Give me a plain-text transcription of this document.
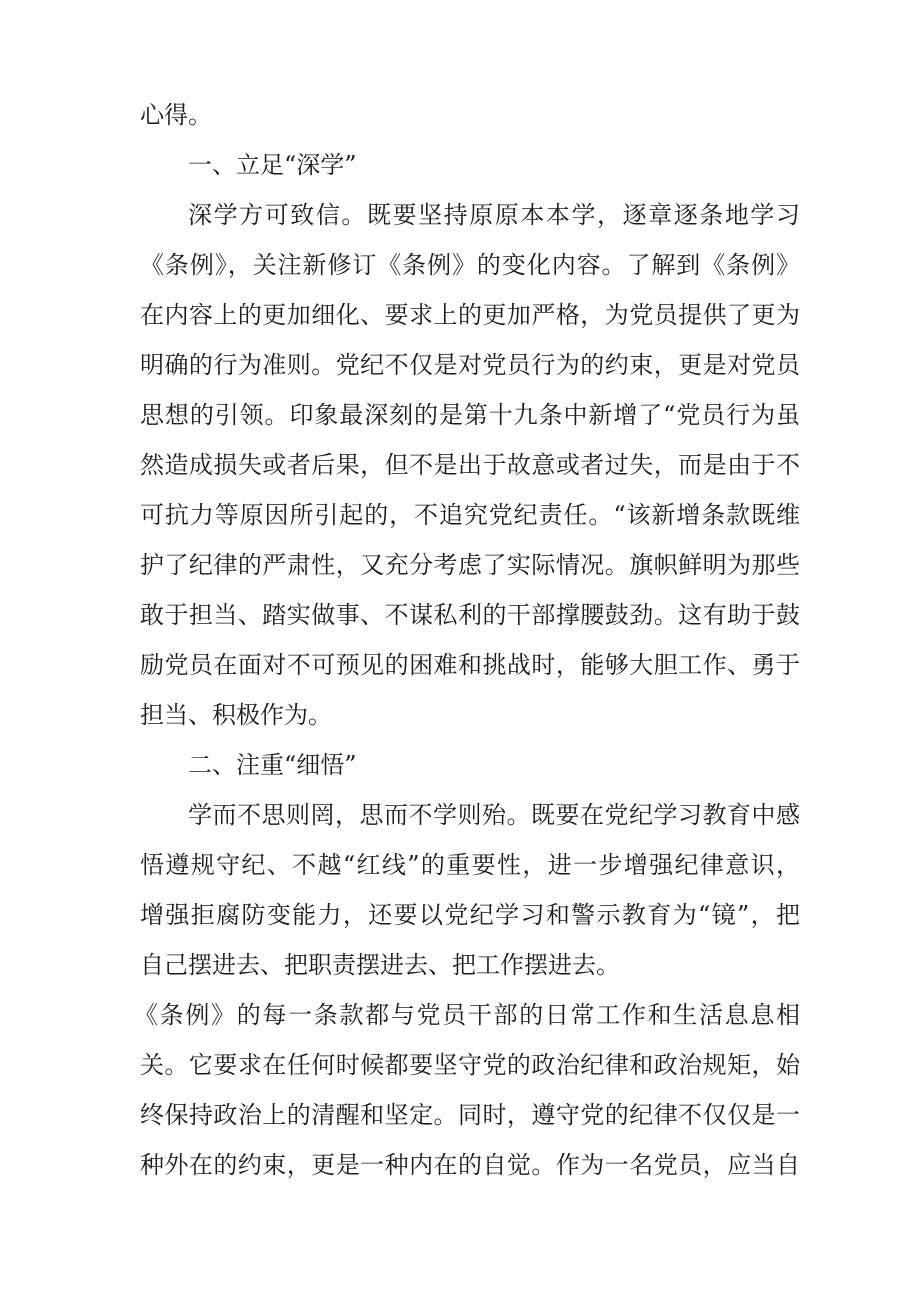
心得。
一、立足“深学”
深学方可致信。既要坚持原原本本学，逐章逐条地学习
《条例》，关注新修订《条例》的变化内容。了解到《条例》
在内容上的更加细化、要求上的更加严格，为党员提供了更为
明确的行为准则。党纪不仅是对党员行为的约束，更是对党员
思想的引领。印象最深刻的是第十九条中新增了“党员行为虽
然造成损失或者后果，但不是出于故意或者过失，而是由于不
可抗力等原因所引起的，不追究党纪责任。“该新增条款既维
护了纪律的严肃性，又充分考虑了实际情况。旗帜鲜明为那些
敢于担当、踏实做事、不谋私利的干部撑腰鼓劲。这有助于鼓
励党员在面对不可预见的困难和挑战时，能够大胆工作、勇于
担当、积极作为。
二、注重“细悟”
学而不思则罔，思而不学则殆。既要在党纪学习教育中感
悟遵规守纪、不越“红线”的重要性，进一步增强纪律意识，
增强拒腐防变能力，还要以党纪学习和警示教育为“镜”，把
自己摆进去、把职责摆进去、把工作摆进去。
《条例》的每一条款都与党员干部的日常工作和生活息息相
关。它要求在任何时候都要坚守党的政治纪律和政治规矩，始
终保持政治上的清醒和坚定。同时，遵守党的纪律不仅仅是一
种外在的约束，更是一种内在的自觉。作为一名党员，应当自
